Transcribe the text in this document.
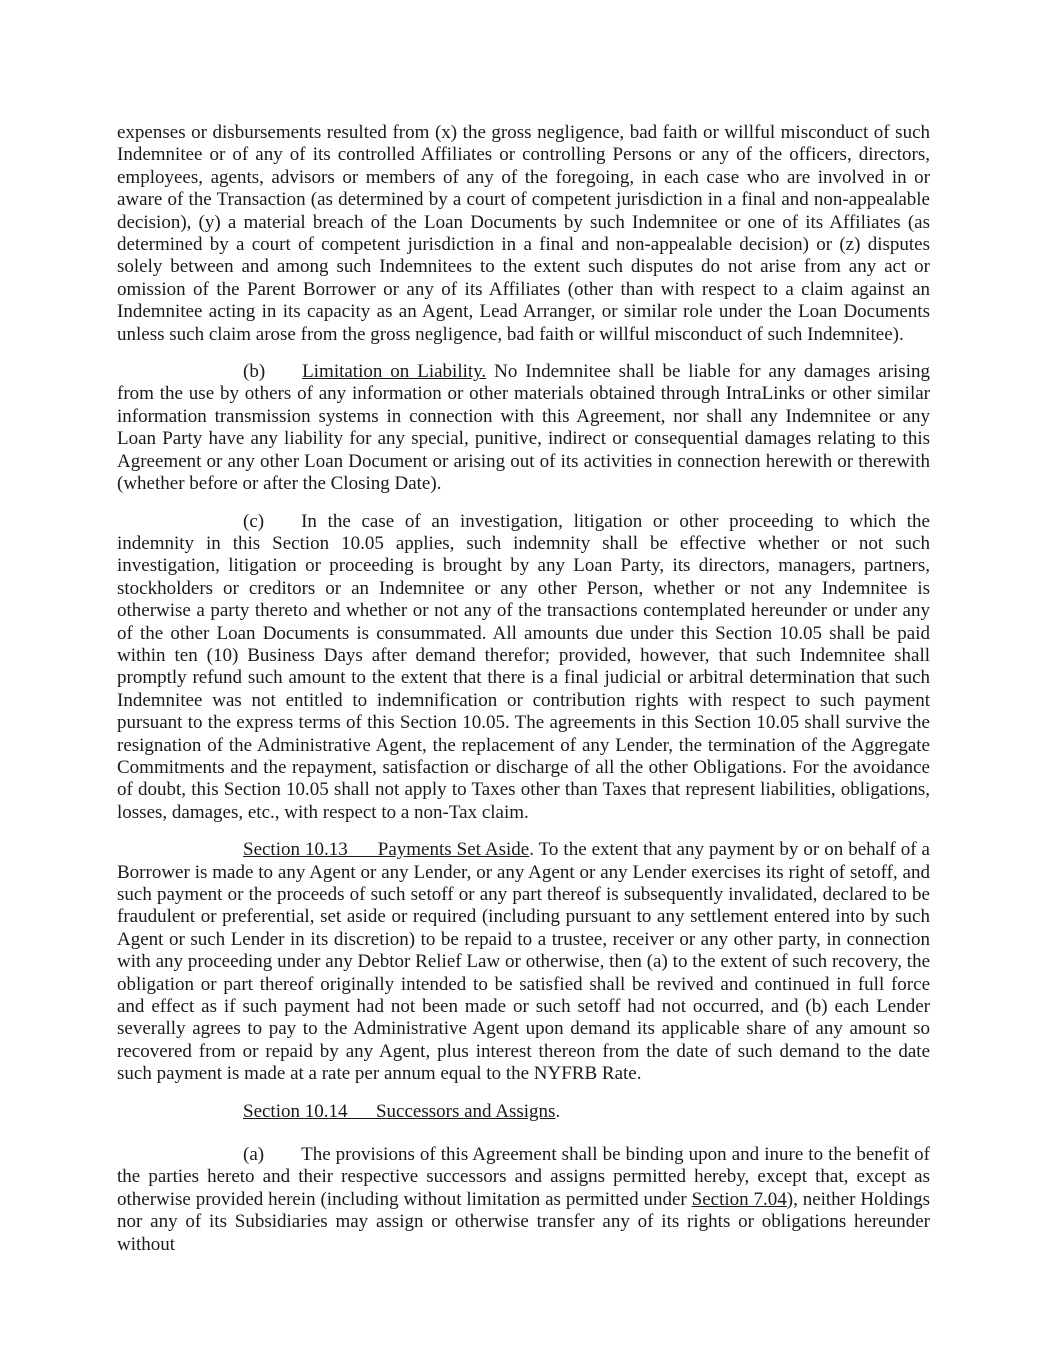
expenses or disbursements resulted from (x) the gross negligence, bad faith or willful misconduct of such Indemnitee or of any of its controlled Affiliates or controlling Persons or any of the officers, directors, employees, agents, advisors or members of any of the foregoing, in each case who are involved in or aware of the Transaction (as determined by a court of competent jurisdiction in a final and non-appealable decision), (y) a material breach of the Loan Documents by such Indemnitee or one of its Affiliates (as determined by a court of competent jurisdiction in a final and non-appealable decision) or (z) disputes solely between and among such Indemnitees to the extent such disputes do not arise from any act or omission of the Parent Borrower or any of its Affiliates (other than with respect to a claim against an Indemnitee acting in its capacity as an Agent, Lead Arranger, or similar role under the Loan Documents unless such claim arose from the gross negligence, bad faith or willful misconduct of such Indemnitee).

(b) Limitation on Liability. No Indemnitee shall be liable for any damages arising from the use by others of any information or other materials obtained through IntraLinks or other similar information transmission systems in connection with this Agreement, nor shall any Indemnitee or any Loan Party have any liability for any special, punitive, indirect or consequential damages relating to this Agreement or any other Loan Document or arising out of its activities in connection herewith or therewith (whether before or after the Closing Date).

(c) In the case of an investigation, litigation or other proceeding to which the indemnity in this Section 10.05 applies, such indemnity shall be effective whether or not such investigation, litigation or proceeding is brought by any Loan Party, its directors, managers, partners, stockholders or creditors or an Indemnitee or any other Person, whether or not any Indemnitee is otherwise a party thereto and whether or not any of the transactions contemplated hereunder or under any of the other Loan Documents is consummated. All amounts due under this Section 10.05 shall be paid within ten (10) Business Days after demand therefor; provided, however, that such Indemnitee shall promptly refund such amount to the extent that there is a final judicial or arbitral determination that such Indemnitee was not entitled to indemnification or contribution rights with respect to such payment pursuant to the express terms of this Section 10.05. The agreements in this Section 10.05 shall survive the resignation of the Administrative Agent, the replacement of any Lender, the termination of the Aggregate Commitments and the repayment, satisfaction or discharge of all the other Obligations. For the avoidance of doubt, this Section 10.05 shall not apply to Taxes other than Taxes that represent liabilities, obligations, losses, damages, etc., with respect to a non-Tax claim.

Section 10.13      Payments Set Aside. To the extent that any payment by or on behalf of a Borrower is made to any Agent or any Lender, or any Agent or any Lender exercises its right of setoff, and such payment or the proceeds of such setoff or any part thereof is subsequently invalidated, declared to be fraudulent or preferential, set aside or required (including pursuant to any settlement entered into by such Agent or such Lender in its discretion) to be repaid to a trustee, receiver or any other party, in connection with any proceeding under any Debtor Relief Law or otherwise, then (a) to the extent of such recovery, the obligation or part thereof originally intended to be satisfied shall be revived and continued in full force and effect as if such payment had not been made or such setoff had not occurred, and (b) each Lender severally agrees to pay to the Administrative Agent upon demand its applicable share of any amount so recovered from or repaid by any Agent, plus interest thereon from the date of such demand to the date such payment is made at a rate per annum equal to the NYFRB Rate.

Section 10.14      Successors and Assigns.

(a) The provisions of this Agreement shall be binding upon and inure to the benefit of the parties hereto and their respective successors and assigns permitted hereby, except that, except as otherwise provided herein (including without limitation as permitted under Section 7.04), neither Holdings nor any of its Subsidiaries may assign or otherwise transfer any of its rights or obligations hereunder without
